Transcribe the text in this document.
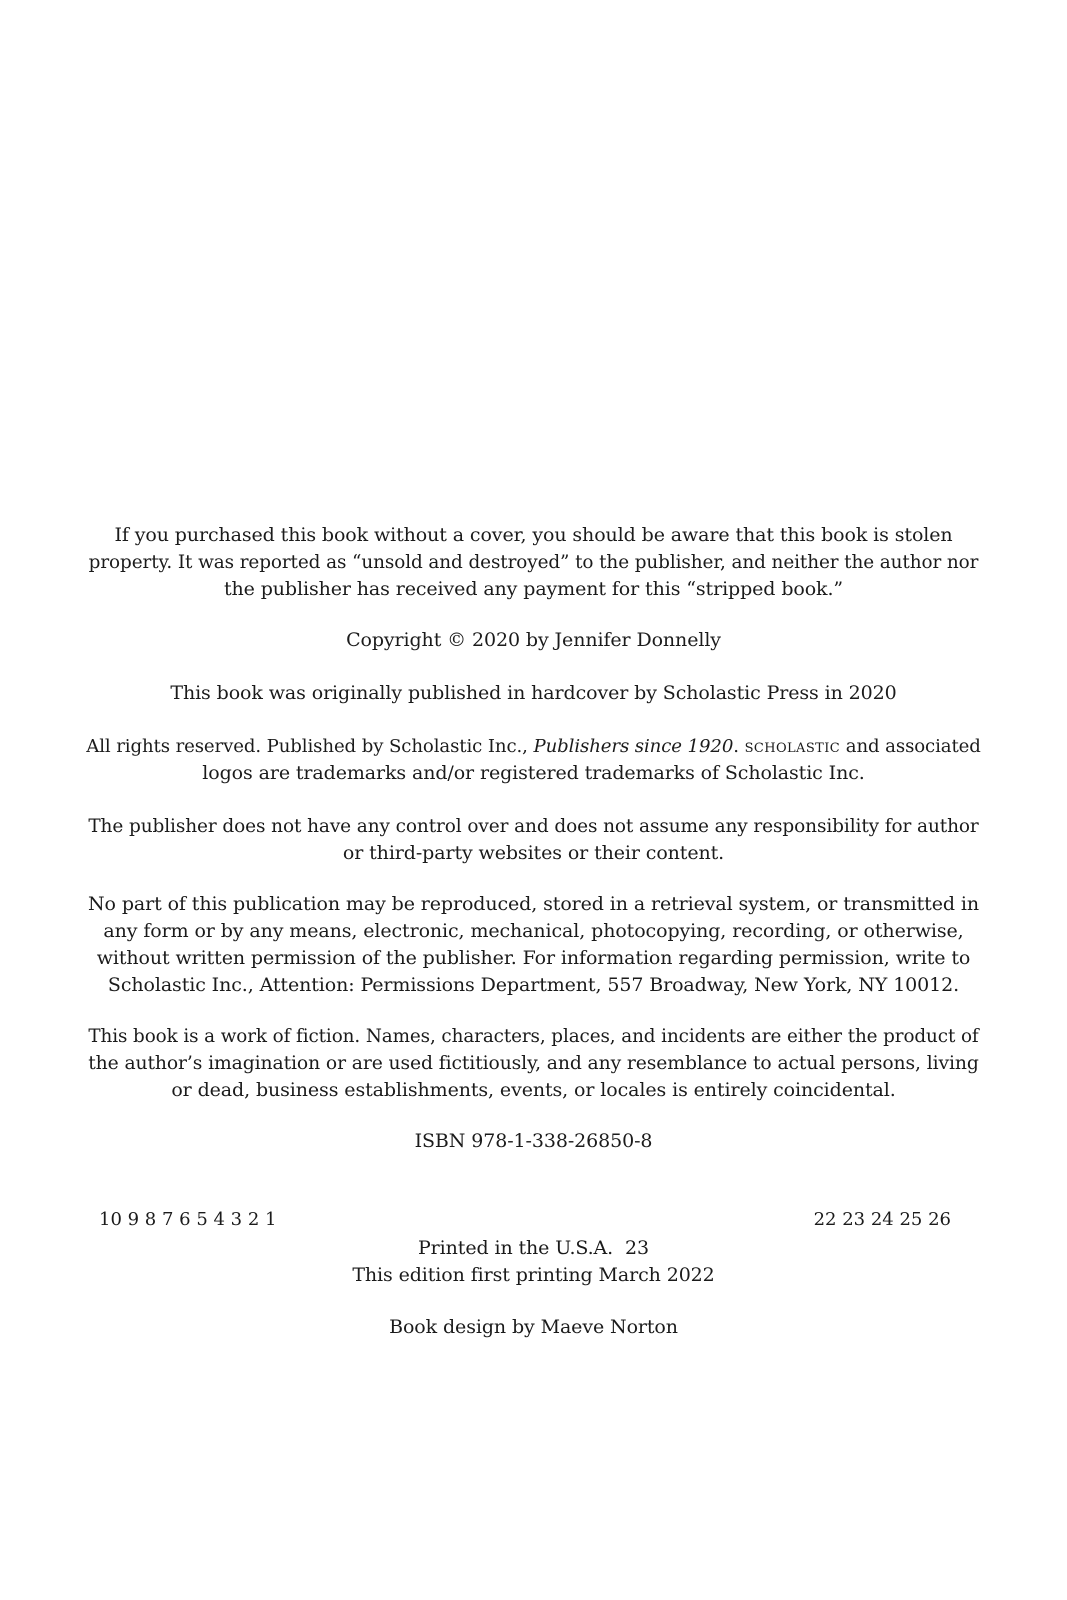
If you purchased this book without a cover, you should be aware that this book is stolen
property. It was reported as “unsold and destroyed” to the publisher, and neither the author nor
the publisher has received any payment for this “stripped book.”
Copyright © 2020 by Jennifer Donnelly
This book was originally published in hardcover by Scholastic Press in 2020
All rights reserved. Published by Scholastic Inc., Publishers since 1920. scholastic and associated
logos are trademarks and/or registered trademarks of Scholastic Inc.
The publisher does not have any control over and does not assume any responsibility for author
or third-party websites or their content.
No part of this publication may be reproduced, stored in a retrieval system, or transmitted in
any form or by any means, electronic, mechanical, photocopying, recording, or otherwise,
without written permission of the publisher. For information regarding permission, write to
Scholastic Inc., Attention: Permissions Department, 557 Broadway, New York, NY 10012.
This book is a work of fiction. Names, characters, places, and incidents are either the product of
the author’s imagination or are used fictitiously, and any resemblance to actual persons, living
or dead, business establishments, events, or locales is entirely coincidental.
ISBN 978-1-338-26850-8
10 9 8 7 6 5 4 3 2 1	22 23 24 25 26
Printed in the U.S.A.  23
This edition first printing March 2022
Book design by Maeve Norton
